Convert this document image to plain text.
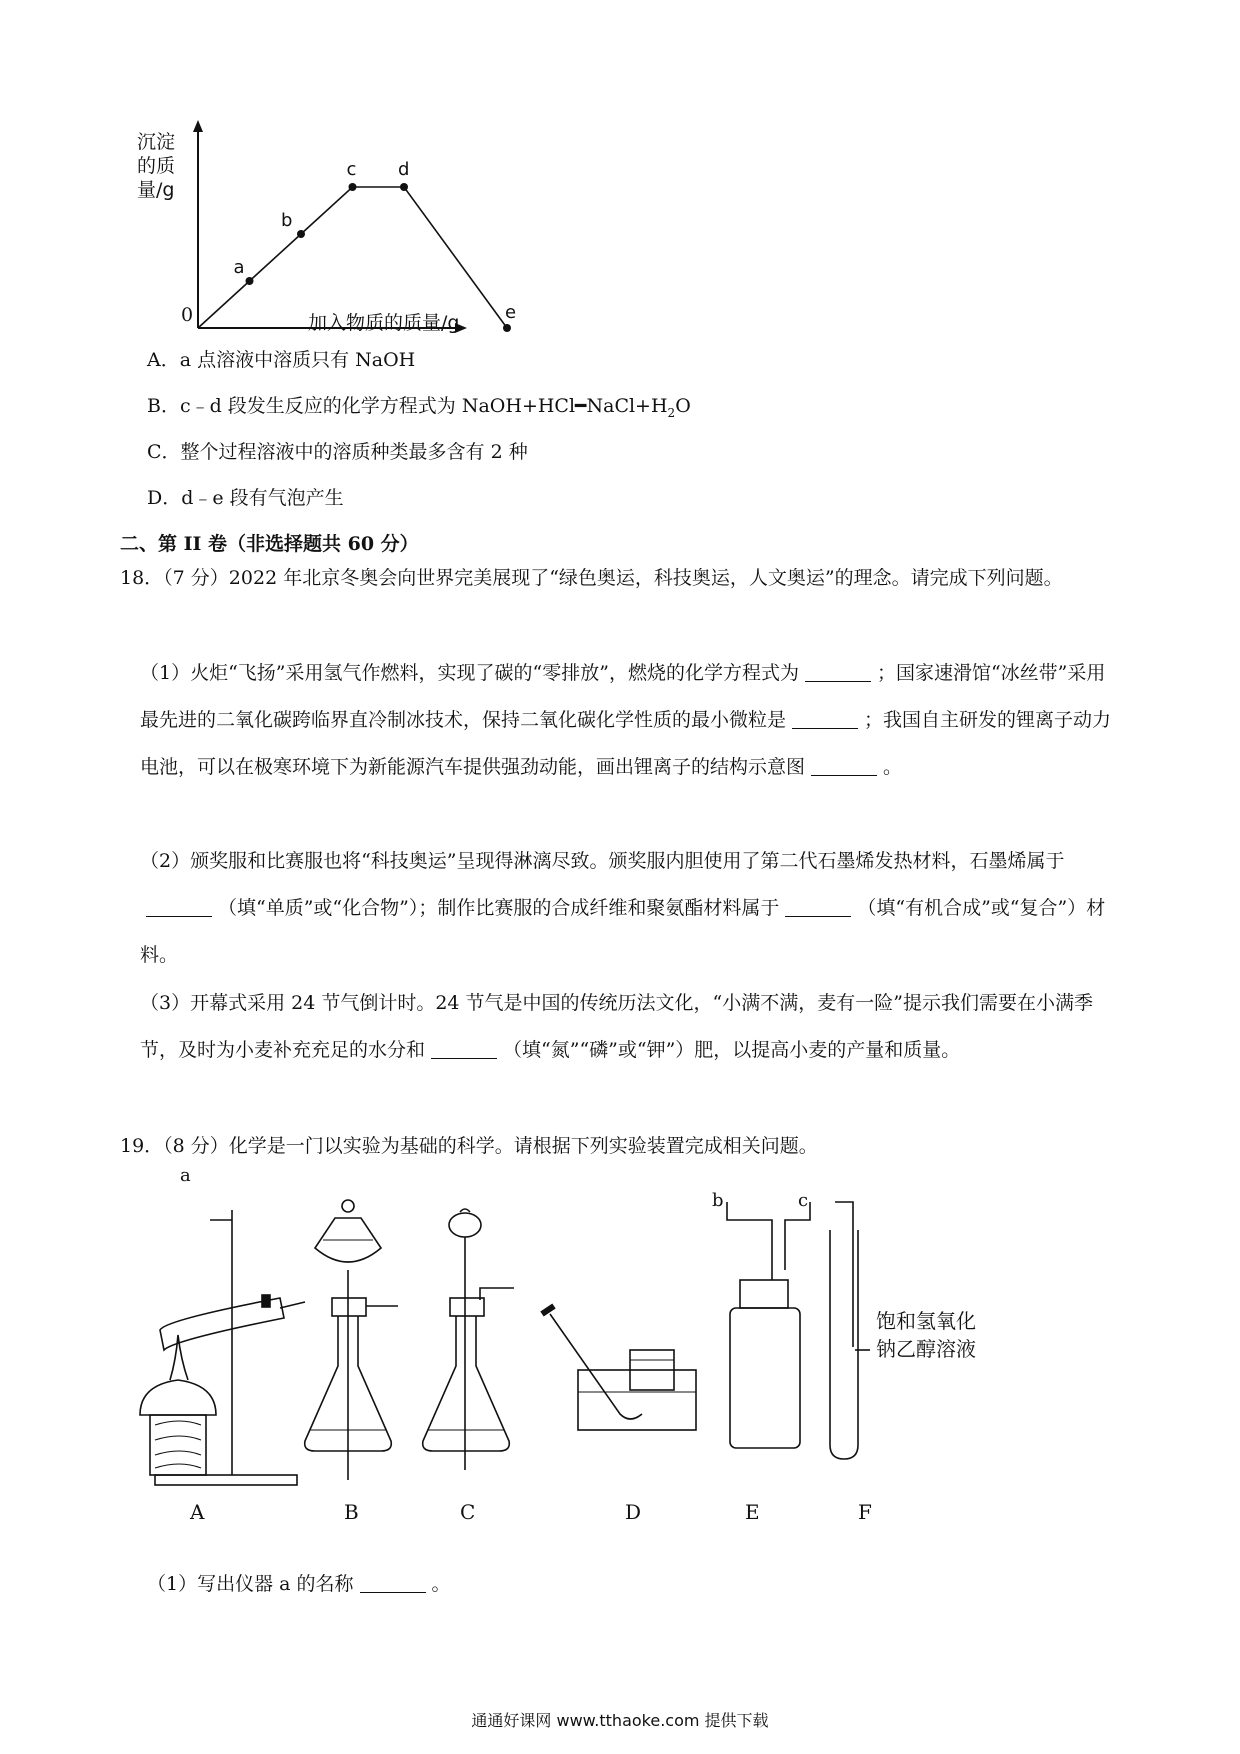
a
b
c d
e
沉淀
的质
量/g
0	加入物质的质量/g
A．a 点溶液中溶质只有 NaOH
B．c﹣d 段发生反应的化学方程式为 $NaOH+HCl━NaCl+H_2O$
C．整个过程溶液中的溶质种类最多含有 2 种
D．d﹣e 段有气泡产生
二、第 II 卷（非选择题共 60 分）
18．（7 分）2022 年北京冬奥会向世界完美展现了“绿色奥运，科技奥运，人文奥运”的理念。请完成下列问题。
（1）火炬“飞扬”采用氢气作燃料，实现了碳的“零排放”，燃烧的化学方程式为	；国家速滑馆“冰丝带”采用最先进的二氧化碳跨临界直冷制冰技术，保持二氧化碳化学性质的最小微粒是	；我国自主研发的锂离子动力电池，可以在极寒环境下为新能源汽车提供强劲动能，画出锂离子的结构示意图	。
（2）颁奖服和比赛服也将“科技奥运”呈现得淋漓尽致。颁奖服内胆使用了第二代石墨烯发热材料，石墨烯属于（填“单质”或“化合物”）；制作比赛服的合成纤维和聚氨酯材料属于	（填“有机合成”或“复合”）材料。
（3）开幕式采用 24 节气倒计时。24 节气是中国的传统历法文化，“小满不满，麦有一险”提示我们需要在小满季节，及时为小麦补充充足的水分和	（填“氮”“磷”或“钾”）肥，以提高小麦的产量和质量。
19．（8 分）化学是一门以实验为基础的科学。请根据下列实验装置完成相关问题。
a
b	c
饱和氢氧化
钠乙醇溶液
A	B	C	D	E	F
（1）写出仪器 a 的名称	。
通通好课网 www.tthaoke.com 提供下载
